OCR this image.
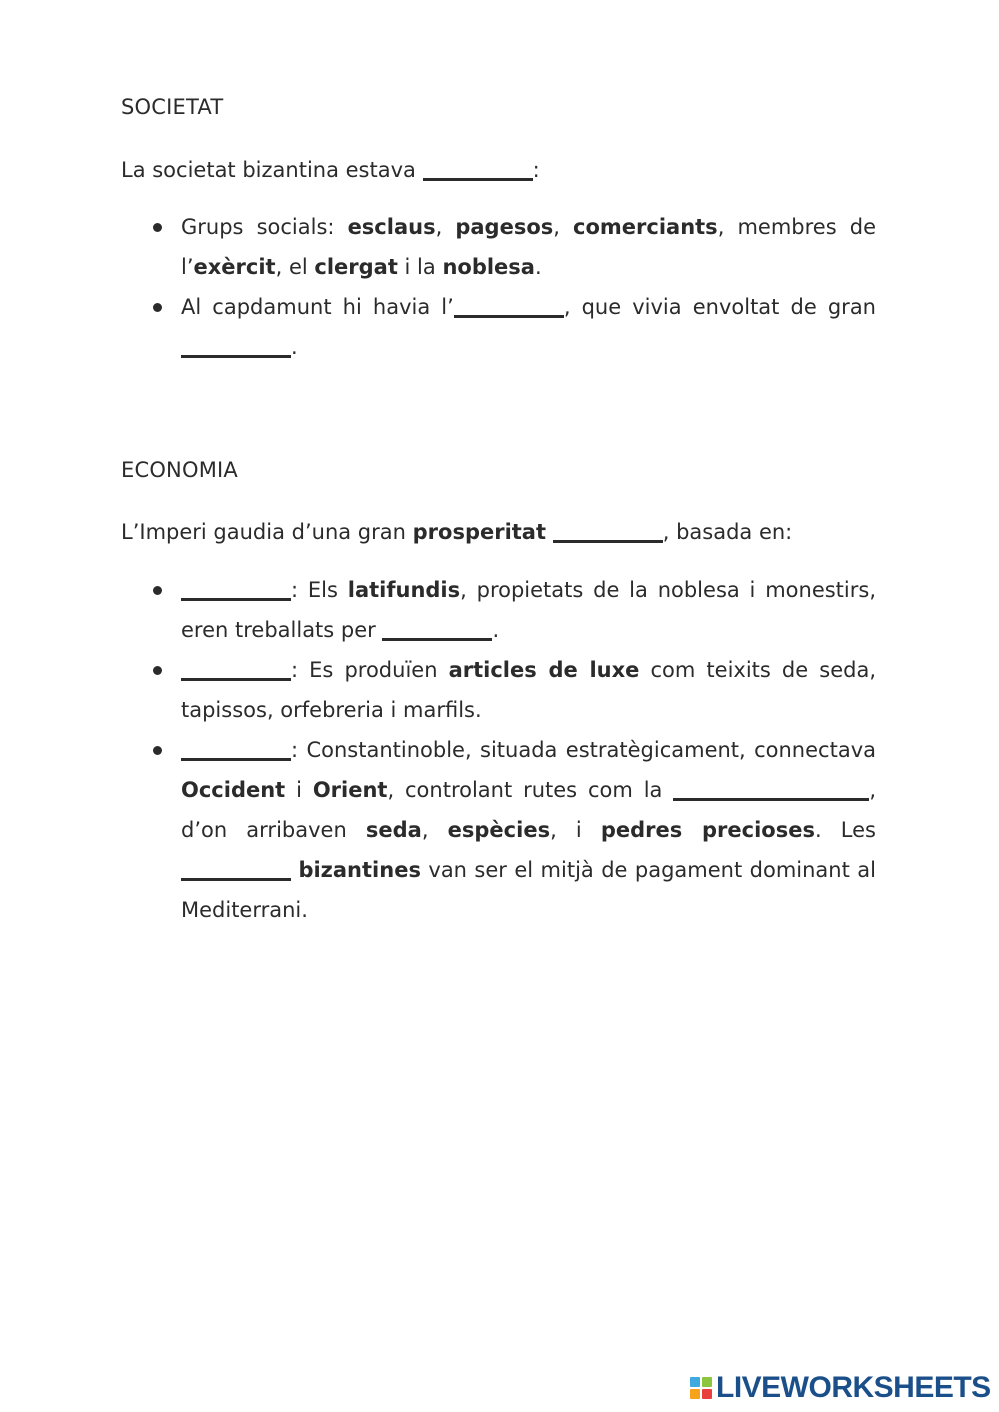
SOCIETAT

La societat bizantina estava	:

Grups socials: esclaus, pagesos, comerciants, membres de l’exèrcit, el clergat i la noblesa.
Al capdamunt hi havia l’	, que vivia envoltat de gran .
ECONOMIA

L’Imperi gaudia d’una gran prosperitat	, basada en:

: Els latifundis, propietats de la noblesa i monestirs, eren treballats per	.
: Es produïen articles de luxe com teixits de seda, tapissos, orfebreria i marfils.
: Constantinoble, situada estratègicament, connectava Occident i Orient, controlant rutes com la	, d’on arribaven seda, espècies, i pedres precioses. Les  bizantines van ser el mitjà de pagament dominant al Mediterrani.
LIVEWORKSHEETS
